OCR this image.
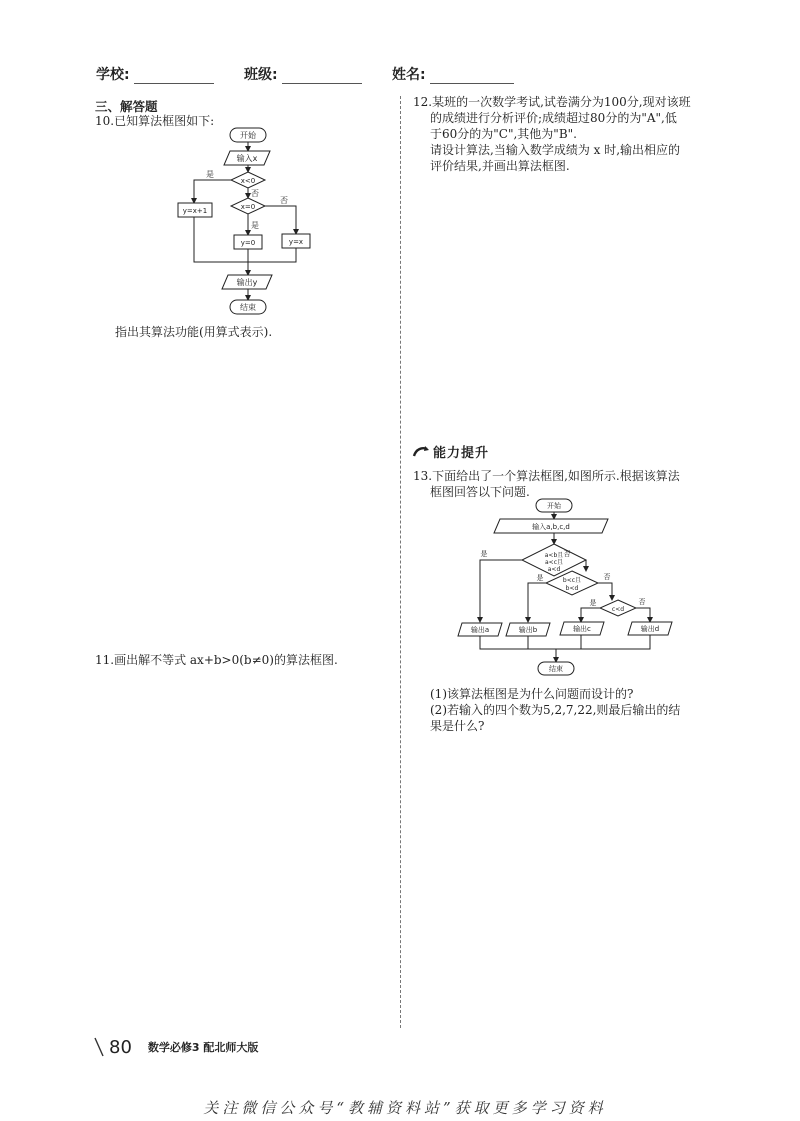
学校:	班级:	姓名:
三、解答题
10.已知算法框图如下:
开始
输入x
x<0
x=0
是
否
是
否
y=x+1
y=0	y=x
输出y
结束
指出其算法功能(用算式表示).
11.画出解不等式 ax+b>0(b≠0)的算法框图.
12.某班的一次数学考试,试卷满分为100分,现对该班
的成绩进行分析评价;成绩超过80分的为"A",低
于60分的为"C",其他为"B".
请设计算法,当输入数学成绩为 x 时,输出相应的
评价结果,并画出算法框图.
能力提升
13.下面给出了一个算法框图,如图所示.根据该算法
框图回答以下问题.
开始
输入a,b,c,d
a<b且
a<c且
a<d
b<c且
b<d
c<d
是	否
是	否
是	否
输出a	输出b	输出c	输出d
结束
(1)该算法框图是为什么问题而设计的?
(2)若输入的四个数为5,2,7,22,则最后输出的结
果是什么?
80 数学必修3 配北师大版
关注微信公众号“教辅资料站”获取更多学习资料
